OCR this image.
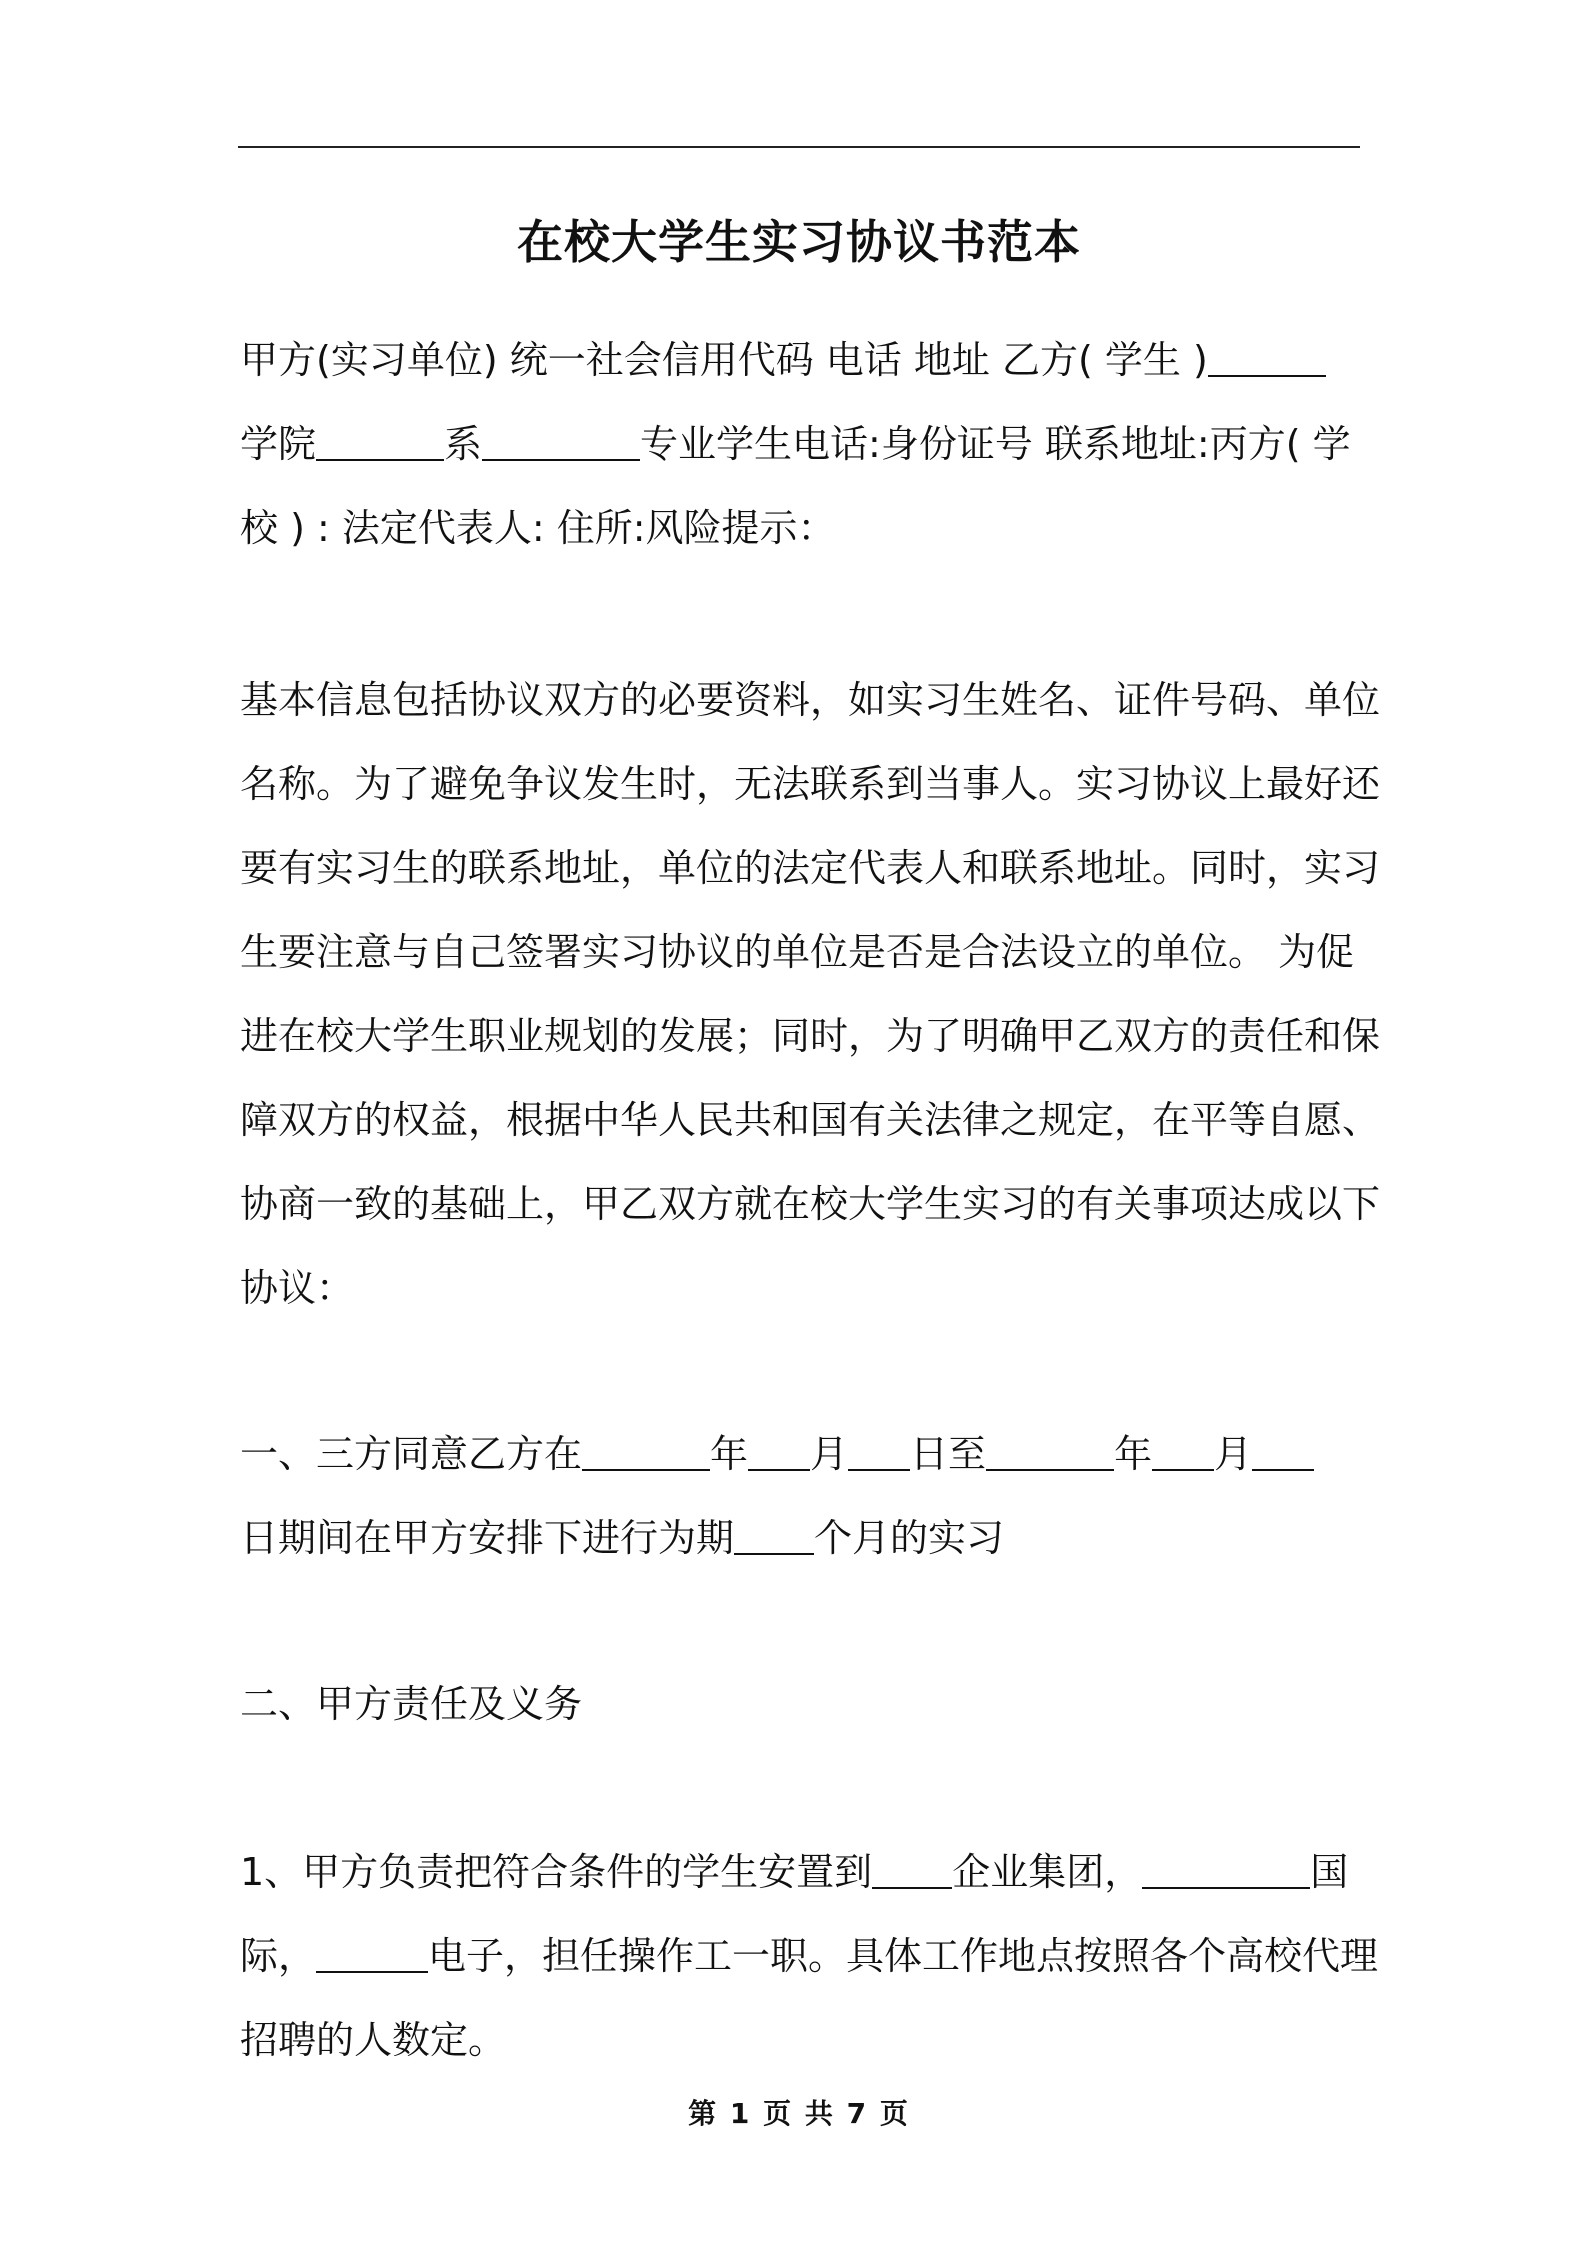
在校大学生实习协议书范本
甲方(实习单位) 统一社会信用代码 电话 地址 乙方( 学生 )
学院	系	专业学生电话:身份证号 联系地址:丙方( 学
校 ) : 法定代表人: 住所:风险提示：
基本信息包括协议双方的必要资料，如实习生姓名、证件号码、单位
名称。为了避免争议发生时，无法联系到当事人。实习协议上最好还
要有实习生的联系地址，单位的法定代表人和联系地址。同时，实习
生要注意与自己签署实习协议的单位是否是合法设立的单位。 为促
进在校大学生职业规划的发展；同时，为了明确甲乙双方的责任和保
障双方的权益，根据中华人民共和国有关法律之规定，在平等自愿、
协商一致的基础上，甲乙双方就在校大学生实习的有关事项达成以下
协议：
一、三方同意乙方在	年 月 日至	年 月
日期间在甲方安排下进行为期 个月的实习
二、甲方责任及义务
1、甲方负责把符合条件的学生安置到 企业集团，	国
际，	电子，担任操作工一职。具体工作地点按照各个高校代理
招聘的人数定。
第 1 页 共 7 页
